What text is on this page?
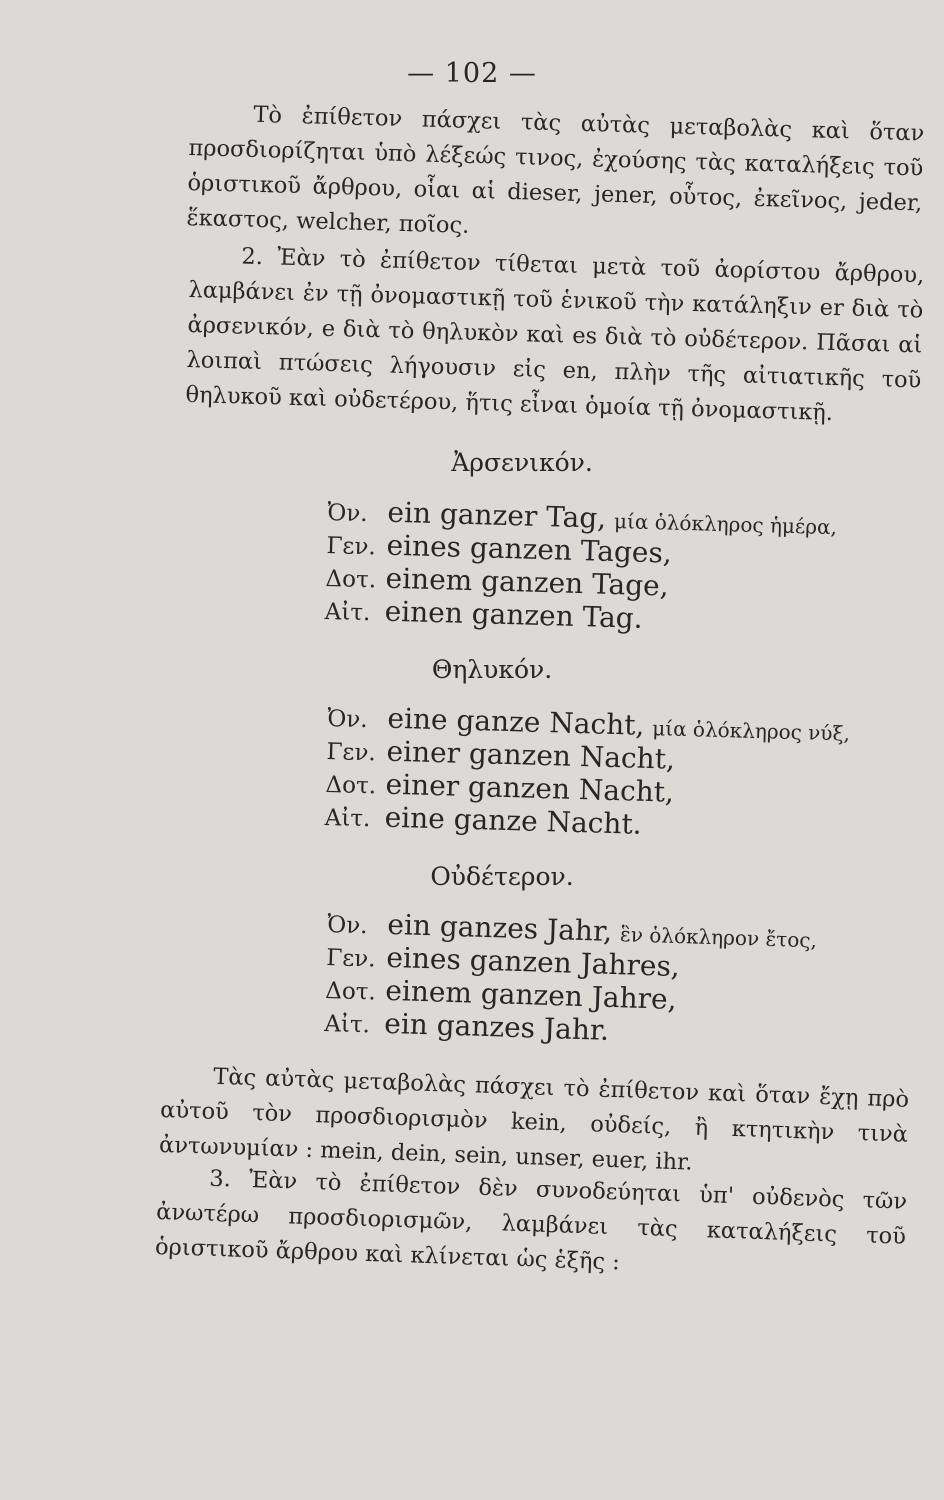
— 102 —
Τὸ ἐπίθετον πάσχει τὰς αὐτὰς μεταβολὰς καὶ ὅταν προσδιορίζηται ὑπὸ λέξεώς τινος, ἐχούσης τὰς καταλήξεις τοῦ ὁριστικοῦ ἄρθρου, οἷαι αἱ dieser, jener, οὗτος, ἐκεῖνος, jeder, ἕκαστος, welcher, ποῖος.
2. Ἐὰν τὸ ἐπίθετον τίθεται μετὰ τοῦ ἀορίστου ἄρθρου, λαμβάνει ἐν τῇ ὀνομαστικῇ τοῦ ἑνικοῦ τὴν κατάληξιν er διὰ τὸ ἀρσενικόν, e διὰ τὸ θηλυκὸν καὶ es διὰ τὸ οὐδέτερον. Πᾶσαι αἱ λοιπαὶ πτώσεις λήγουσιν εἰς en, πλὴν τῆς αἰτιατικῆς τοῦ θηλυκοῦ καὶ οὐδετέρου, ἥτις εἶναι ὁμοία τῇ ὀνομαστικῇ.
Ἀρσενικόν.
Ὀν. ein ganzer Tag, μία ὁλόκληρος ἡμέρα,
Γεν. eines ganzen Tages,
Δοτ. einem ganzen Tage,
Αἰτ. einen ganzen Tag.
Θηλυκόν.
Ὀν. eine ganze Nacht, μία ὁλόκληρος νύξ,
Γεν. einer ganzen Nacht,
Δοτ. einer ganzen Nacht,
Αἰτ. eine ganze Nacht.
Οὐδέτερον.
Ὀν. ein ganzes Jahr, ἓν ὁλόκληρον ἔτος,
Γεν. eines ganzen Jahres,
Δοτ. einem ganzen Jahre,
Αἰτ. ein ganzes Jahr.
Τὰς αὐτὰς μεταβολὰς πάσχει τὸ ἐπίθετον καὶ ὅταν ἔχῃ πρὸ αὐτοῦ τὸν προσδιορισμὸν kein, οὐδείς, ἢ κτητικὴν τινὰ ἀντωνυμίαν : mein, dein, sein, unser, euer, ihr.
3. Ἐὰν τὸ ἐπίθετον δὲν συνοδεύηται ὑπ' οὐδενὸς τῶν ἀνωτέρω προσδιορισμῶν, λαμβάνει τὰς καταλήξεις τοῦ ὁριστικοῦ ἄρθρου καὶ κλίνεται ὡς ἑξῆς :
